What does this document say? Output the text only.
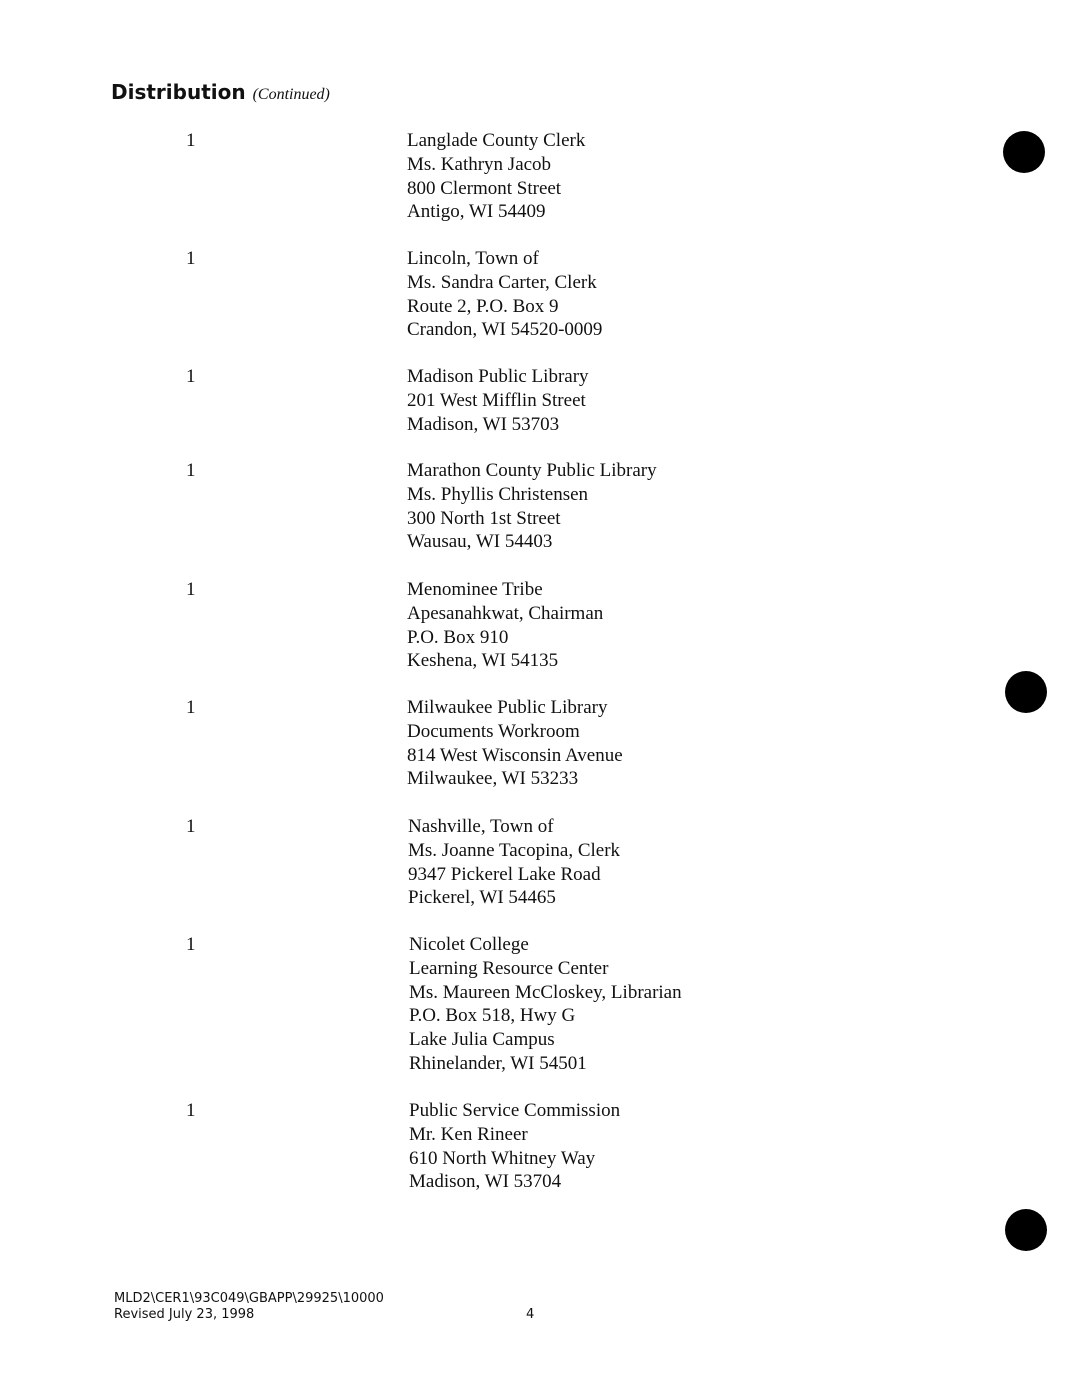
Distribution (Continued)
1	Langlade County Clerk
Ms. Kathryn Jacob
800 Clermont Street
Antigo, WI 54409
1	Lincoln, Town of
Ms. Sandra Carter, Clerk
Route 2, P.O. Box 9
Crandon, WI 54520-0009
1	Madison Public Library
201 West Mifflin Street
Madison, WI 53703
1	Marathon County Public Library
Ms. Phyllis Christensen
300 North 1st Street
Wausau, WI 54403
1	Menominee Tribe
Apesanahkwat, Chairman
P.O. Box 910
Keshena, WI 54135
1	Milwaukee Public Library
Documents Workroom
814 West Wisconsin Avenue
Milwaukee, WI 53233
1	Nashville, Town of
Ms. Joanne Tacopina, Clerk
9347 Pickerel Lake Road
Pickerel, WI 54465
1	Nicolet College
Learning Resource Center
Ms. Maureen McCloskey, Librarian
P.O. Box 518, Hwy G
Lake Julia Campus
Rhinelander, WI 54501
1	Public Service Commission
Mr. Ken Rineer
610 North Whitney Way
Madison, WI 53704
MLD2\CER1\93C049\GBAPP\29925\10000
Revised July 23, 1998	4
